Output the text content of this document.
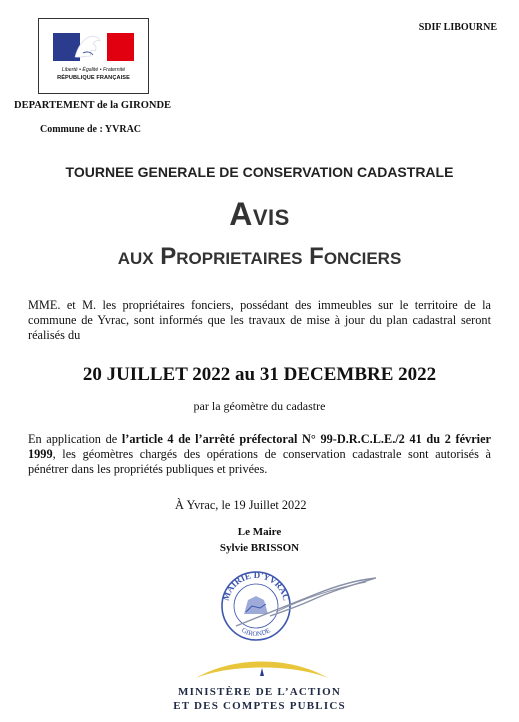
Liberté • Égalité • Fraternité
RÉPUBLIQUE FRANÇAISE
SDIF LIBOURNE
DEPARTEMENT de la GIRONDE
Commune de : YVRAC
TOURNEE GENERALE DE CONSERVATION CADASTRALE
Avis
aux Proprietaires Fonciers
MME. et M. les propriétaires fonciers, possédant des immeubles sur le territoire de la commune de Yvrac, sont informés que les travaux de mise à jour du plan cadastral seront réalisés du
20 JUILLET 2022 au 31 DECEMBRE 2022
par la géomètre du cadastre
En application de l’article 4 de l’arrêté préfectoral N° 99-D.R.C.L.E./2 41 du 2 février 1999, les géomètres chargés des opérations de conservation cadastrale sont autorisés à pénétrer dans les propriétés publiques et privées.
À Yvrac, le 19 Juillet 2022
Le Maire
Sylvie BRISSON
MAIRIE D'YVRAC
GIRONDE
MINISTÈRE DE L’ACTION
ET DES COMPTES PUBLICS
